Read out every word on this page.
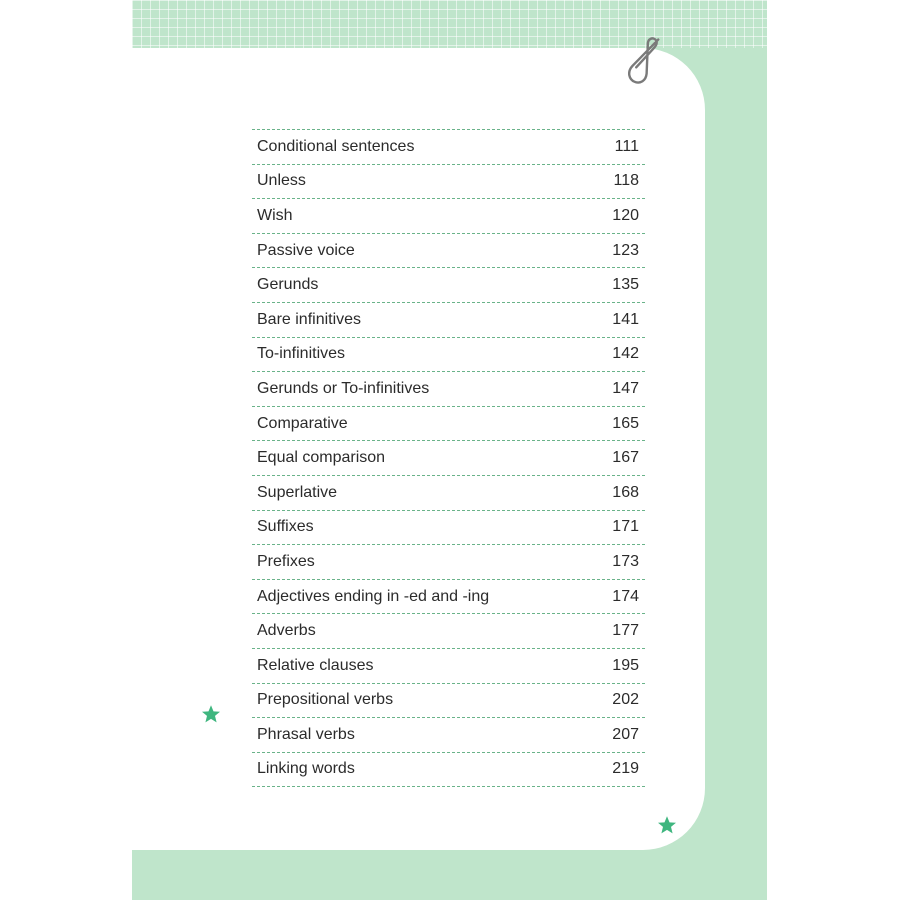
Conditional sentences	111
Unless	118
Wish	120
Passive voice	123
Gerunds	135
Bare infinitives	141
To-infinitives	142
Gerunds or To-infinitives	147
Comparative	165
Equal comparison	167
Superlative	168
Suffixes	171
Prefixes	173
Adjectives ending in -ed and -ing	174
Adverbs	177
Relative clauses	195
Prepositional verbs	202
Phrasal verbs	207
Linking words	219
